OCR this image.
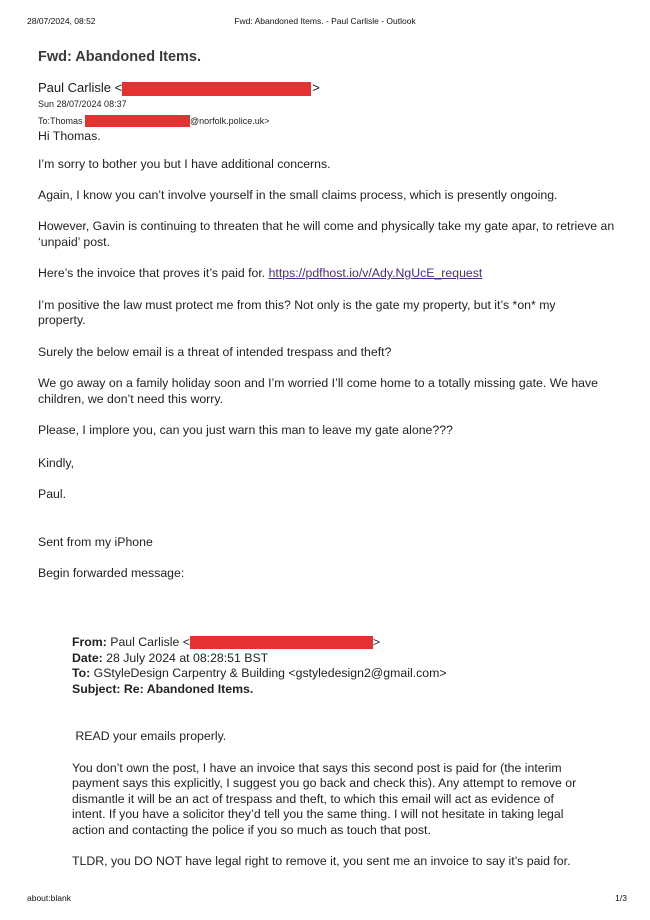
28/07/2024, 08:52	Fwd: Abandoned Items. - Paul Carlisle - Outlook
Fwd: Abandoned Items.
Paul Carlisle <	>
Sun 28/07/2024 08:37
To:Thomas	@norfolk.police.uk>

Hi Thomas.

I’m sorry to bother you but I have additional concerns.

Again, I know you can’t involve yourself in the small claims process, which is presently ongoing.

However, Gavin is continuing to threaten that he will come and physically take my gate apar, to retrieve an ‘unpaid’ post.

Here’s the invoice that proves it’s paid for. https://pdfhost.io/v/Ady.NgUcE_request

I’m positive the law must protect me from this? Not only is the gate my property, but it’s *on* my property.

Surely the below email is a threat of intended trespass and theft?

We go away on a family holiday soon and I’m worried I’ll come home to a totally missing gate. We have children, we don’t need this worry.

Please, I implore you, can you just warn this man to leave my gate alone???

Kindly,

Paul.

Sent from my iPhone

Begin forwarded message:

From: Paul Carlisle <	>
Date: 28 July 2024 at 08:28:51 BST
To: GStyleDesign Carpentry & Building <gstyledesign2@gmail.com>
Subject: Re: Abandoned Items.

READ your emails properly.

You don’t own the post, I have an invoice that says this second post is paid for (the interim payment says this explicitly, I suggest you go back and check this). Any attempt to remove or dismantle it will be an act of trespass and theft, to which this email will act as evidence of intent. If you have a solicitor they’d tell you the same thing. I will not hesitate in taking legal action and contacting the police if you so much as touch that post.

TLDR, you DO NOT have legal right to remove it, you sent me an invoice to say it’s paid for.

about:blank	1/3
